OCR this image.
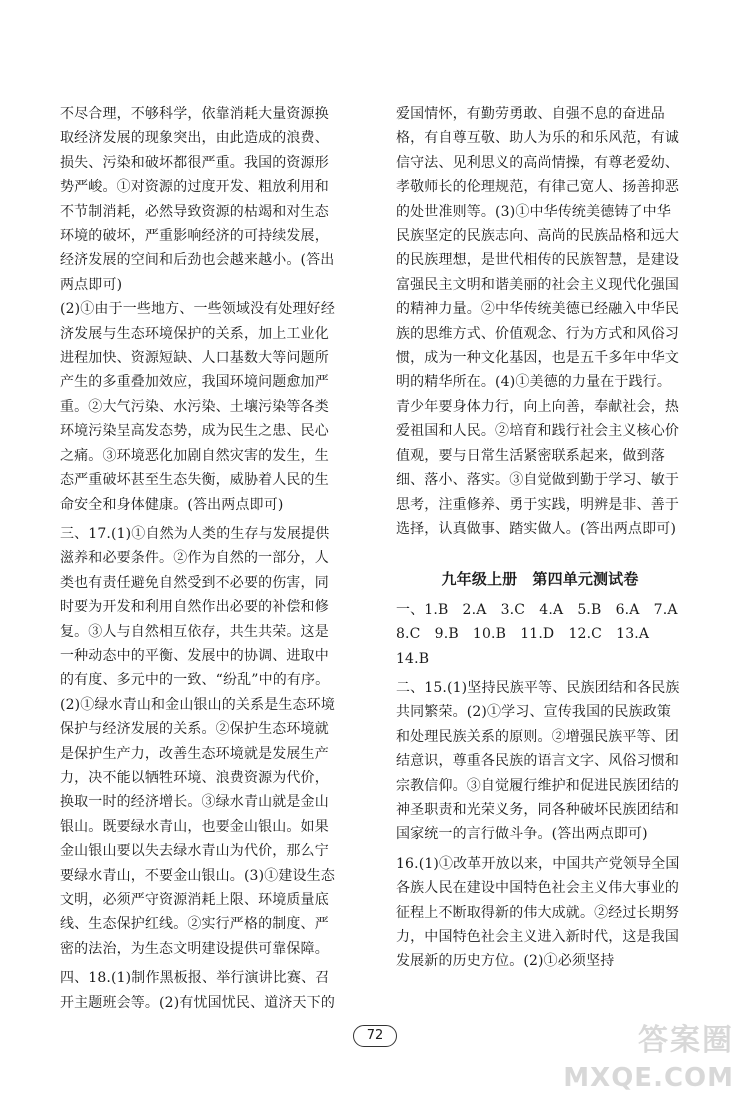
不尽合理，不够科学，依靠消耗大量资源换取经济发展的现象突出，由此造成的浪费、损失、污染和破坏都很严重。我国的资源形势严峻。①对资源的过度开发、粗放利用和不节制消耗，必然导致资源的枯竭和对生态环境的破坏，严重影响经济的可持续发展，经济发展的空间和后劲也会越来越小。(答出两点即可)

(2)①由于一些地方、一些领域没有处理好经济发展与生态环境保护的关系，加上工业化进程加快、资源短缺、人口基数大等问题所产生的多重叠加效应，我国环境问题愈加严重。②大气污染、水污染、土壤污染等各类环境污染呈高发态势，成为民生之患、民心之痛。③环境恶化加剧自然灾害的发生，生态严重破坏甚至生态失衡，威胁着人民的生命安全和身体健康。(答出两点即可)

三、17.(1)①自然为人类的生存与发展提供滋养和必要条件。②作为自然的一部分，人类也有责任避免自然受到不必要的伤害，同时要为开发和利用自然作出必要的补偿和修复。③人与自然相互依存，共生共荣。这是一种动态中的平衡、发展中的协调、进取中的有度、多元中的一致、“纷乱”中的有序。(2)①绿水青山和金山银山的关系是生态环境保护与经济发展的关系。②保护生态环境就是保护生产力，改善生态环境就是发展生产力，决不能以牺牲环境、浪费资源为代价，换取一时的经济增长。③绿水青山就是金山银山。既要绿水青山，也要金山银山。如果金山银山要以失去绿水青山为代价，那么宁要绿水青山，不要金山银山。(3)①建设生态文明，必须严守资源消耗上限、环境质量底线、生态保护红线。②实行严格的制度、严密的法治，为生态文明建设提供可靠保障。

四、18.(1)制作黑板报、举行演讲比赛、召开主题班会等。(2)有忧国忧民、道济天下的

爱国情怀，有勤劳勇敢、自强不息的奋进品格，有自尊互敬、助人为乐的和乐风范，有诚信守法、见利思义的高尚情操，有尊老爱幼、孝敬师长的伦理规范，有律己宽人、扬善抑恶的处世准则等。(3)①中华传统美德铸了中华民族坚定的民族志向、高尚的民族品格和远大的民族理想，是世代相传的民族智慧，是建设富强民主文明和谐美丽的社会主义现代化强国的精神力量。②中华传统美德已经融入中华民族的思维方式、价值观念、行为方式和风俗习惯，成为一种文化基因，也是五千多年中华文明的精华所在。(4)①美德的力量在于践行。青少年要身体力行，向上向善，奉献社会，热爱祖国和人民。②培育和践行社会主义核心价值观，要与日常生活紧密联系起来，做到落细、落小、落实。③自觉做到勤于学习、敏于思考，注重修养、勇于实践，明辨是非、善于选择，认真做事、踏实做人。(答出两点即可)

九年级上册　第四单元测试卷

一、1.B　2.A　3.C　4.A　5.B　6.A　7.A　8.C　9.B　10.B　11.D　12.C　13.A　14.B

二、15.(1)坚持民族平等、民族团结和各民族共同繁荣。(2)①学习、宣传我国的民族政策和处理民族关系的原则。②增强民族平等、团结意识，尊重各民族的语言文字、风俗习惯和宗教信仰。③自觉履行维护和促进民族团结的神圣职责和光荣义务，同各种破坏民族团结和国家统一的言行做斗争。(答出两点即可)

16.(1)①改革开放以来，中国共产党领导全国各族人民在建设中国特色社会主义伟大事业的征程上不断取得新的伟大成就。②经过长期努力，中国特色社会主义进入新时代，这是我国发展新的历史方位。(2)①必须坚持

72	答案圈
MXQE.COM
